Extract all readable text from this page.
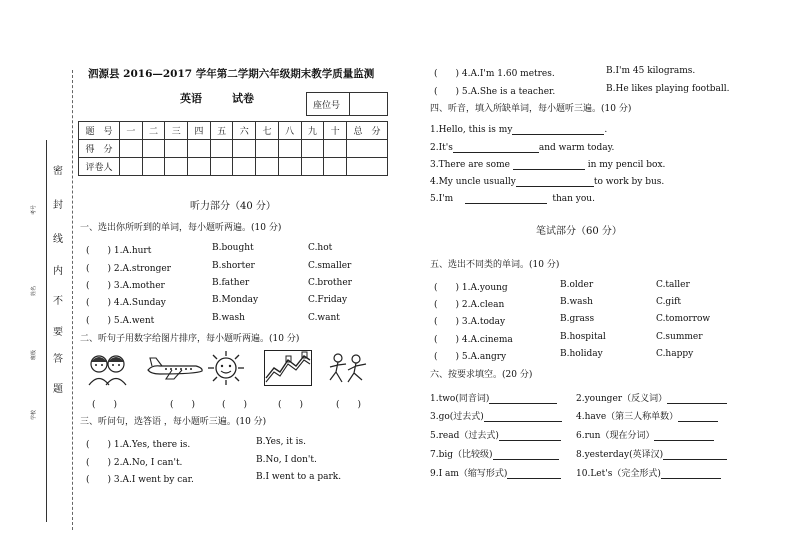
密
封
线
内
不
要
答
题
考号
姓名
班级
学校
泗源县 2016—2017 学年第二学期六年级期末教学质量监测
英语	试卷
座位号
题　号	一	二	三	四	五	六	七	八	九	十	总　分
得　分											
评卷人											
听力部分（40 分）
一、选出你所听到的单词，每小题听两遍。(10 分)
(　　) 1.A.hurt	B.bought	C.hot
(　　) 2.A.stronger	B.shorter	C.smaller
(　　) 3.A.mother	B.father	C.brother
(　　) 4.A.Sunday	B.Monday	C.Friday
(　　) 5.A.went	B.wash	C.want
二、听句子用数字给图片排序，每小题听两遍。(10 分)
(　　)	(　　)	(　　)	(　　)	(　　)
三、听问句，选答语 ，每小题听三遍。(10 分)
(　　) 1.A.Yes, there is.	B.Yes, it is.
(　　) 2.A.No, I can't.	B.No, I don't.
(　　) 3.A.I went by car.	B.I went to a park.
(　　) 4.A.I'm 1.60 metres.	B.I'm 45 kilograms.
(　　) 5.A.She is a teacher.	B.He likes playing football.
四、听音，填入所缺单词，每小题听三遍。(10 分)
1.Hello, this is my	.
2.It's	and warm today.
3.There are some	in my pencil box.
4.My uncle usually	to work by bus.
5.I'm	than you.
笔试部分（60 分）
五、选出不同类的单词。(10 分)
(　　) 1.A.young	B.older	C.taller
(　　) 2.A.clean	B.wash	C.gift
(　　) 3.A.today	B.grass	C.tomorrow
(　　) 4.A.cinema	B.hospital	C.summer
(　　) 5.A.angry	B.holiday	C.happy
六、按要求填空。(20 分)
1.two(同音词)	2.younger（反义词）
3.go(过去式)	4.have（第三人称单数）
5.read（过去式)	6.run（现在分词）
7.big（比较级)	8.yesterday(英译汉)
9.I am（缩写形式)	10.Let's（完全形式)
